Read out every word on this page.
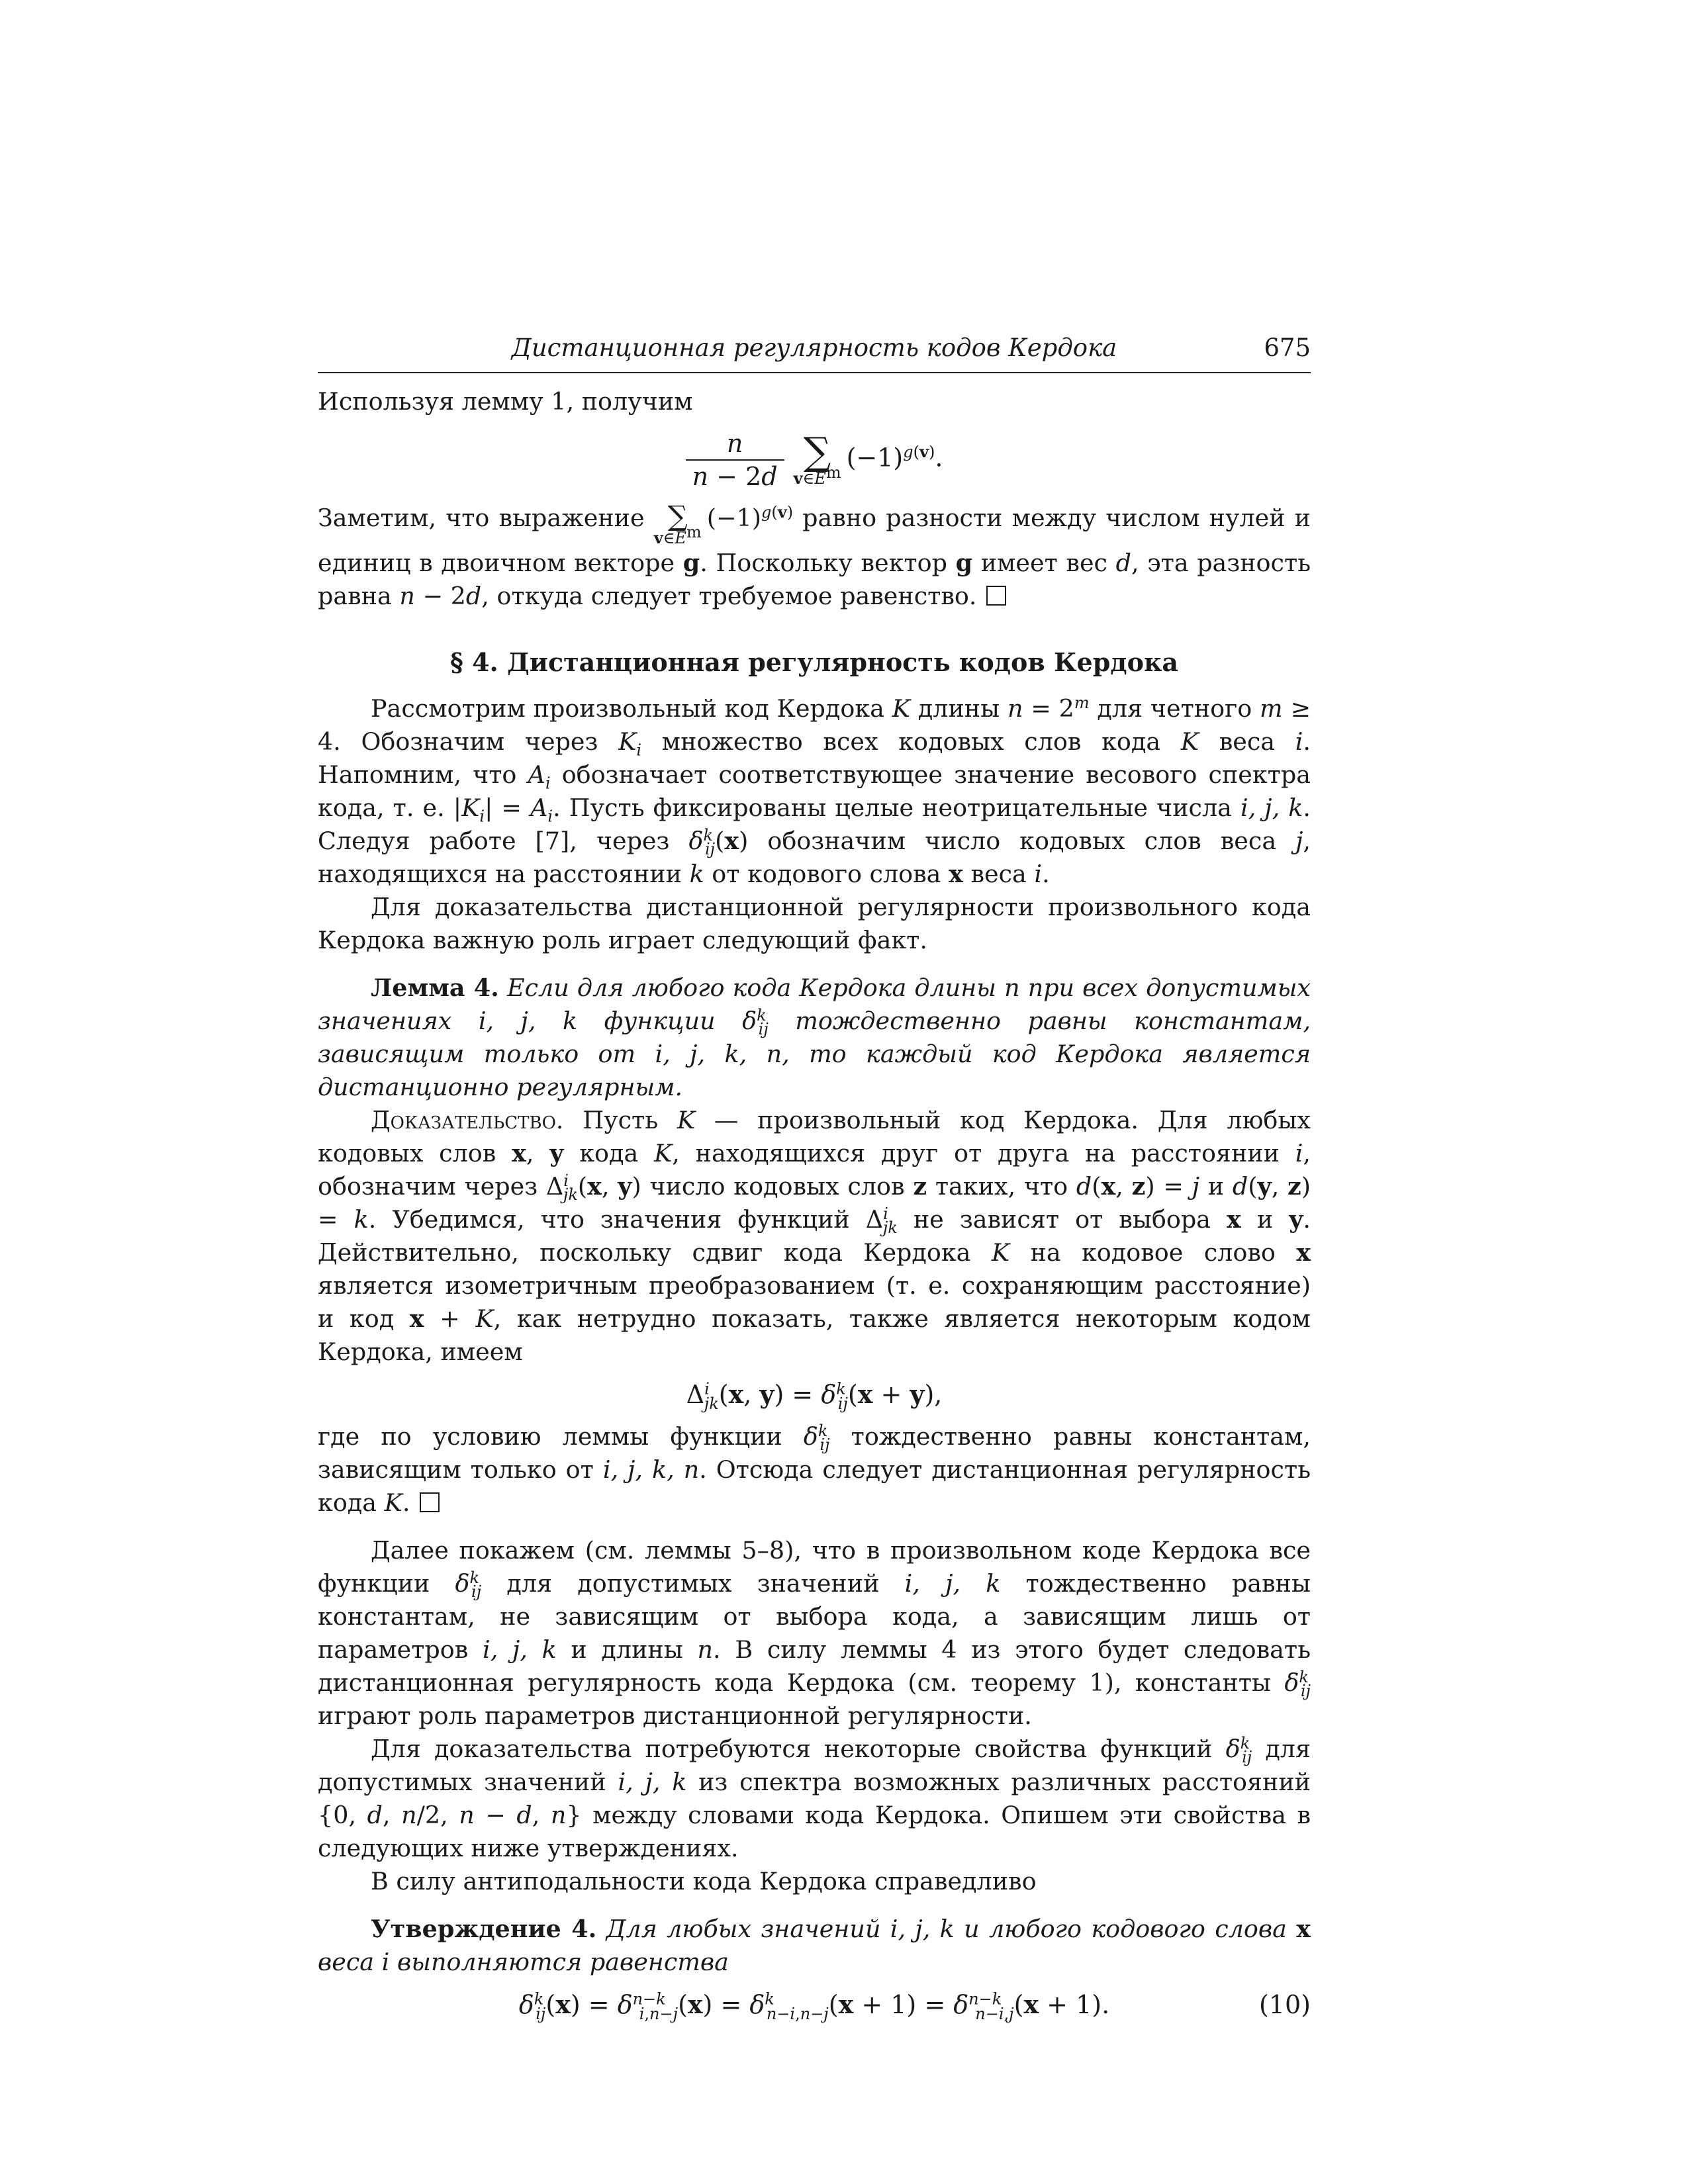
Дистанционная регулярность кодов Кердока	675

Используя лемму 1, получим

$\frac{n}{n - 2d}$ ∑
$v\in E^m$
$(-1)^{g(v)}$.

Заметим, что выражение ∑
$v\in E^m$ $(-1)^{g(v)}$ равно разности между числом нулей и единиц в двоичном векторе g. Поскольку вектор g имеет вес d, эта разность равна n − 2d, откуда следует требуемое равенство.

§ 4. Дистанционная регулярность кодов Кердока

Рассмотрим произвольный код Кердока K длины $n = 2^m$ для четного m ≥ 4. Обозначим через $K_i$ множество всех кодовых слов кода K веса i. Напомним, что $A_i$ обозначает соответствующее значение весового спектра кода, т. е. $|K_i| = A_i$. Пусть фиксированы целые неотрицательные числа i, j, k. Следуя работе [7], через $\delta^k_{ij}(x)$ обозначим число кодовых слов веса j, находящихся на расстоянии k от кодового слова x веса i.

Для доказательства дистанционной регулярности произвольного кода Кердока важную роль играет следующий факт.

Лемма 4. Если для любого кода Кердока длины n при всех допустимых значениях i, j, k функции $\delta^k_{ij}$ тождественно равны константам, зависящим только от i, j, k, n, то каждый код Кердока является дистанционно регулярным.

Доказательство. Пусть K — произвольный код Кердока. Для любых кодовых слов x, y кода K, находящихся друг от друга на расстоянии i, обозначим через $\Delta^i_{jk}(x$, y) число кодовых слов z таких, что d(x, z) = j и d(y, z) = k. Убедимся, что значения функций $\Delta^i_{jk}$ не зависят от выбора x и y. Действительно, поскольку сдвиг кода Кердока K на кодовое слово x является изометричным преобразованием (т. е. сохраняющим расстояние) и код x + K, как нетрудно показать, также является некоторым кодом Кердока, имеем

$\Delta^i_{jk}(x$, $y) = \delta^k_{ij}(x + y)$,

где по условию леммы функции $\delta^k_{ij}$ тождественно равны константам, зависящим только от i, j, k, n. Отсюда следует дистанционная регулярность кода K.

Далее покажем (см. леммы 5–8), что в произвольном коде Кердока все функции $\delta^k_{ij}$ для допустимых значений i, j, k тождественно равны константам, не зависящим от выбора кода, а зависящим лишь от параметров i, j, k и длины n. В силу леммы 4 из этого будет следовать дистанционная регулярность кода Кердока (см. теорему 1), константы $\delta^k_{ij}$ играют роль параметров дистанционной регулярности.

Для доказательства потребуются некоторые свойства функций $\delta^k_{ij}$ для допустимых значений i, j, k из спектра возможных различных расстояний {0, d, n/2, n − d, n} между словами кода Кердока. Опишем эти свойства в следующих ниже утверждениях.

В силу антиподальности кода Кердока справедливо

Утверждение 4. Для любых значений i, j, k и любого кодового слова x веса i выполняются равенства

$\delta^k_{ij}(x) = \delta^{n-k}_{i,n-j}(x) = \delta^k_{n-i,n-j}(x + 1) = \delta^{n-k}_{n-i,j}(x + 1)$.	(10)
